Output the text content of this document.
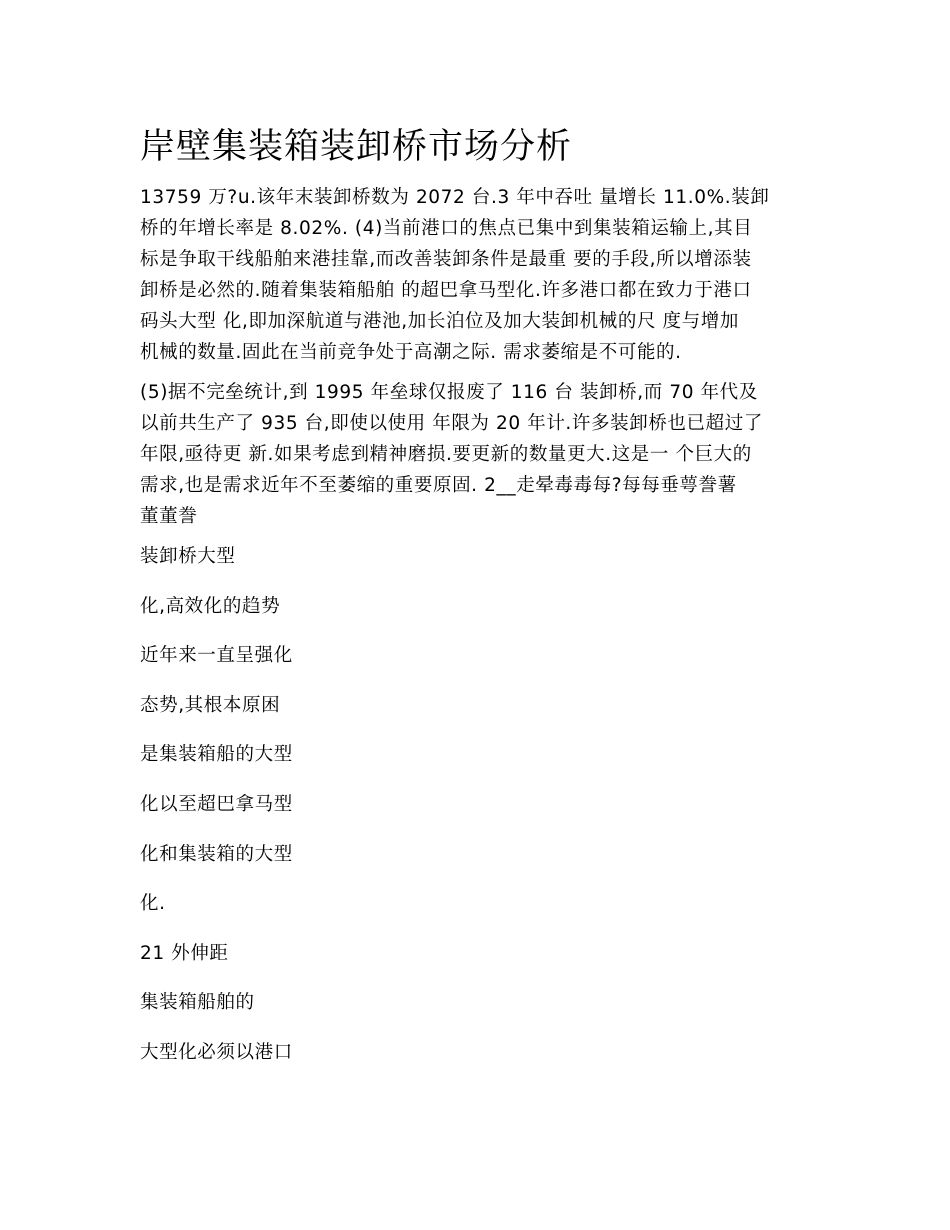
岸壁集装箱装卸桥市场分析

13759 万?u.该年末装卸桥数为 2072 台.3 年中吞吐 量增长 11.0%.装卸
桥的年增长率是 8.02%. (4)当前港口的焦点已集中到集装箱运输上,其目
标是争取干线船舶来港挂靠,而改善装卸条件是最重 要的手段,所以增添装
卸桥是必然的.随着集装箱船舶 的超巴拿马型化.许多港口都在致力于港口
码头大型 化,即加深航道与港池,加长泊位及加大装卸机械的尺 度与增加
机械的数量.固此在当前竞争处于高潮之际. 需求萎缩是不可能的.

(5)据不完垒统计,到 1995 年垒球仅报废了 116 台 装卸桥,而 70 年代及
以前共生产了 935 台,即使以使用 年限为 20 年计.许多装卸桥也已超过了
年限,亟待更 新.如果考虑到精神磨损.要更新的数量更大.这是一 个巨大的
需求,也是需求近年不至萎缩的重要原固. 2__走晕毒毒每?每每垂萼誊薯
董董誊

装卸桥大型

化,高效化的趋势

近年来一直呈强化

态势,其根本原困

是集装箱船的大型

化以至超巴拿马型

化和集装箱的大型

化.

21 外伸距

集装箱船舶的

大型化必须以港口
